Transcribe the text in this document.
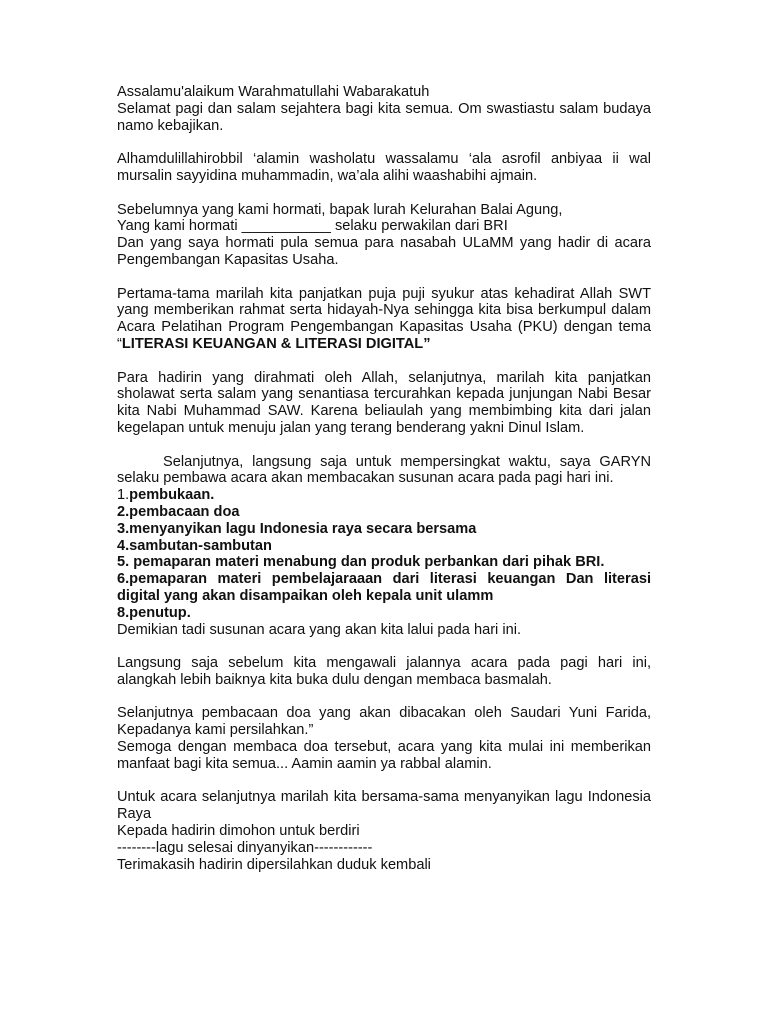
Assalamu'alaikum Warahmatullahi Wabarakatuh
Selamat pagi dan salam sejahtera bagi kita semua. Om swastiastu salam budaya namo kebajikan.
Alhamdulillahirobbil ‘alamin washolatu wassalamu ‘ala asrofil anbiyaa ii wal mursalin sayyidina muhammadin, wa’ala alihi waashabihi ajmain.
Sebelumnya yang kami hormati, bapak lurah Kelurahan Balai Agung,
Yang kami hormati ___________ selaku perwakilan dari BRI
Dan yang saya hormati pula semua para nasabah ULaMM yang hadir di acara Pengembangan Kapasitas Usaha.
Pertama-tama marilah kita panjatkan puja puji syukur atas kehadirat Allah SWT yang memberikan rahmat serta hidayah-Nya sehingga kita bisa berkumpul dalam Acara Pelatihan Program Pengembangan Kapasitas Usaha (PKU) dengan tema “LITERASI KEUANGAN & LITERASI DIGITAL”
Para hadirin yang dirahmati oleh Allah, selanjutnya, marilah kita panjatkan sholawat serta salam yang senantiasa tercurahkan kepada junjungan Nabi Besar kita Nabi Muhammad SAW. Karena beliaulah yang membimbing kita dari jalan kegelapan untuk menuju jalan yang terang benderang yakni Dinul Islam.
Selanjutnya, langsung saja untuk mempersingkat waktu, saya GARYN selaku pembawa acara akan membacakan susunan acara pada pagi hari ini.
1.pembukaan.
2.pembacaan doa
3.menyanyikan lagu Indonesia raya secara bersama
4.sambutan-sambutan
5. pemaparan materi menabung dan produk perbankan dari pihak BRI.
6.pemaparan materi pembelajaraaan dari literasi keuangan Dan literasi digital yang akan disampaikan oleh kepala unit ulamm
8.penutup.
Demikian tadi susunan acara yang akan kita lalui pada hari ini.
Langsung saja sebelum kita mengawali jalannya acara pada pagi hari ini, alangkah lebih baiknya kita buka dulu dengan membaca basmalah.
Selanjutnya pembacaan doa yang akan dibacakan oleh Saudari Yuni Farida, Kepadanya kami persilahkan.”
Semoga dengan membaca doa tersebut, acara yang kita mulai ini memberikan manfaat bagi kita semua... Aamin aamin ya rabbal alamin.
Untuk acara selanjutnya marilah kita bersama-sama menyanyikan lagu Indonesia Raya
Kepada hadirin dimohon untuk berdiri
--------lagu selesai dinyanyikan------------
Terimakasih hadirin dipersilahkan duduk kembali
